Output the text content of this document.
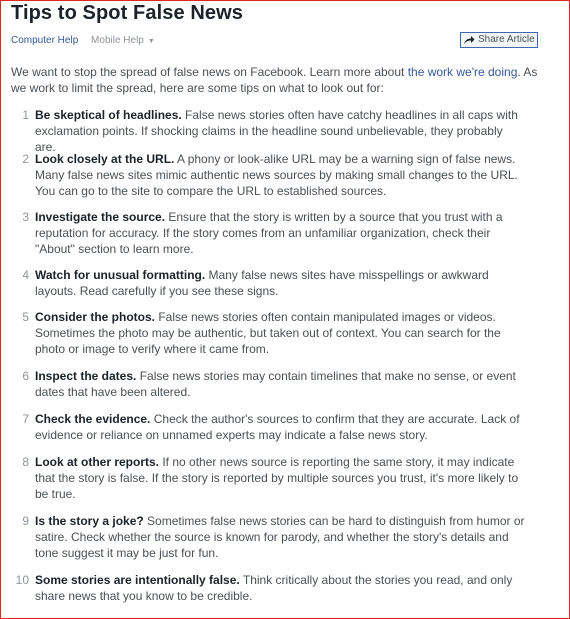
Tips to Spot False News
Computer Help Mobile Help ▼	Share Article
We want to stop the spread of false news on Facebook. Learn more about the work we're doing. As we work to limit the spread, here are some tips on what to look out for:
1 Be skeptical of headlines. False news stories often have catchy headlines in all caps with exclamation points. If shocking claims in the headline sound unbelievable, they probably are.
2 Look closely at the URL. A phony or look-alike URL may be a warning sign of false news. Many false news sites mimic authentic news sources by making small changes to the URL. You can go to the site to compare the URL to established sources.
3 Investigate the source. Ensure that the story is written by a source that you trust with a reputation for accuracy. If the story comes from an unfamiliar organization, check their "About" section to learn more.
4 Watch for unusual formatting. Many false news sites have misspellings or awkward layouts. Read carefully if you see these signs.
5 Consider the photos. False news stories often contain manipulated images or videos. Sometimes the photo may be authentic, but taken out of context. You can search for the photo or image to verify where it came from.
6 Inspect the dates. False news stories may contain timelines that make no sense, or event dates that have been altered.
7 Check the evidence. Check the author's sources to confirm that they are accurate. Lack of evidence or reliance on unnamed experts may indicate a false news story.
8 Look at other reports. If no other news source is reporting the same story, it may indicate that the story is false. If the story is reported by multiple sources you trust, it's more likely to be true.
9 Is the story a joke? Sometimes false news stories can be hard to distinguish from humor or satire. Check whether the source is known for parody, and whether the story's details and tone suggest it may be just for fun.
10 Some stories are intentionally false. Think critically about the stories you read, and only share news that you know to be credible.
